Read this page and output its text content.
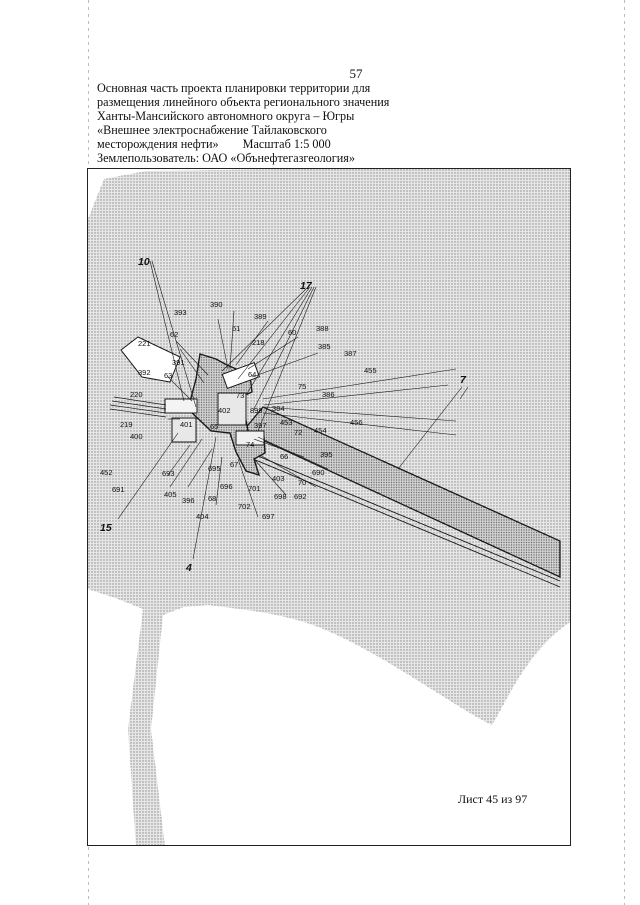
57
Основная часть проекта планировки территории для
размещения линейного объекта регионального значения
Ханты-Мансийского автономного округа – Югры
«Внешнее электроснабжение Тайлаковского
месторождения нефти» Масштаб 1:5 000
Землепользователь: ОАО «Обънефтегазгеология»
10
17
7
15
4
393
390
61
389
60	388
62
218	385
221
391
387
455
392 63	64
75
386
220	73
384
456
219	401
402	899
453
454
400
65	397
74
72
395
452	693
695 67
66
690
691
405
696
403 70
396 68	698 692
702
404	697
701
Лист 45 из 97
